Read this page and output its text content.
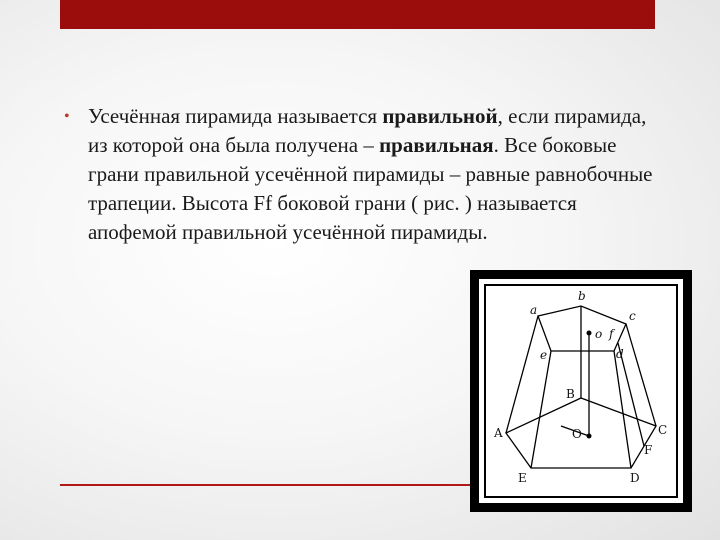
• Усечённая пирамида называется правильной, если пирамида, из которой она была получена – правильная. Все боковые грани правильной усечённой пирамиды – равные равнобочные трапеции. Высота Ff боковой грани ( рис. ) называется апофемой правильной усечённой пирамиды.
a
b
c
d
e
o f
A
B
C
D
E
O
F
